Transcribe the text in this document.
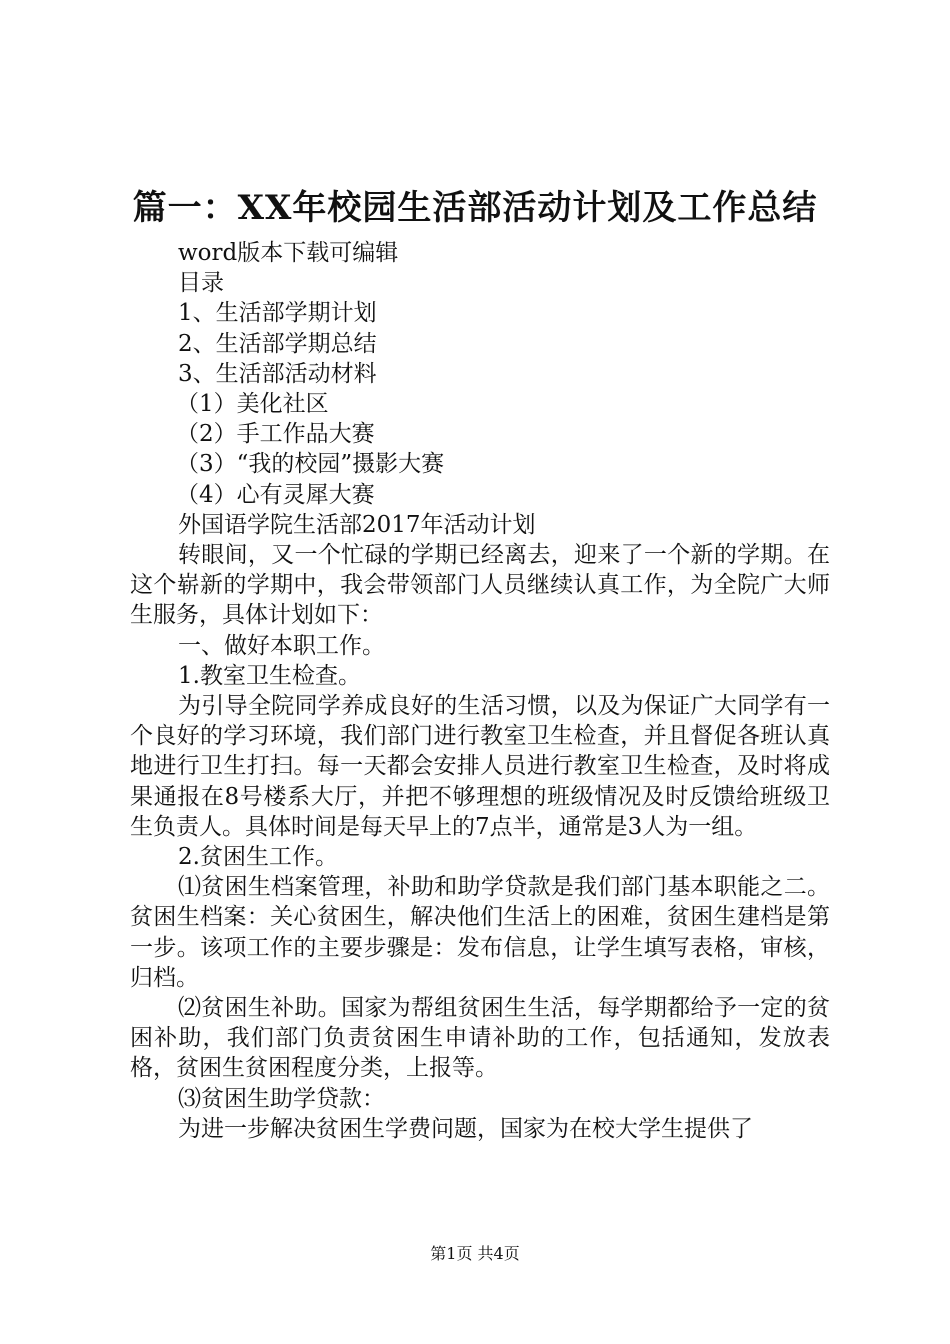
篇一：XX年校园生活部活动计划及工作总结
word版本下载可编辑
目录
1、生活部学期计划
2、生活部学期总结
3、生活部活动材料
（1）美化社区
（2）手工作品大赛
（3）“我的校园”摄影大赛
（4）心有灵犀大赛
外国语学院生活部2017年活动计划
转眼间，又一个忙碌的学期已经离去，迎来了一个新的学期。在这个崭新的学期中，我会带领部门人员继续认真工作，为全院广大师生服务，具体计划如下：
一、做好本职工作。
1.教室卫生检查。
为引导全院同学养成良好的生活习惯，以及为保证广大同学有一个良好的学习环境，我们部门进行教室卫生检查，并且督促各班认真地进行卫生打扫。每一天都会安排人员进行教室卫生检查，及时将成果通报在8号楼系大厅，并把不够理想的班级情况及时反馈给班级卫生负责人。具体时间是每天早上的7点半，通常是3人为一组。
2.贫困生工作。
⑴贫困生档案管理，补助和助学贷款是我们部门基本职能之二。贫困生档案：关心贫困生，解决他们生活上的困难，贫困生建档是第一步。该项工作的主要步骤是：发布信息，让学生填写表格，审核，归档。
⑵贫困生补助。国家为帮组贫困生生活，每学期都给予一定的贫困补助，我们部门负责贫困生申请补助的工作，包括通知，发放表格，贫困生贫困程度分类，上报等。
⑶贫困生助学贷款：
为进一步解决贫困生学费问题，国家为在校大学生提供了
第1页 共4页
